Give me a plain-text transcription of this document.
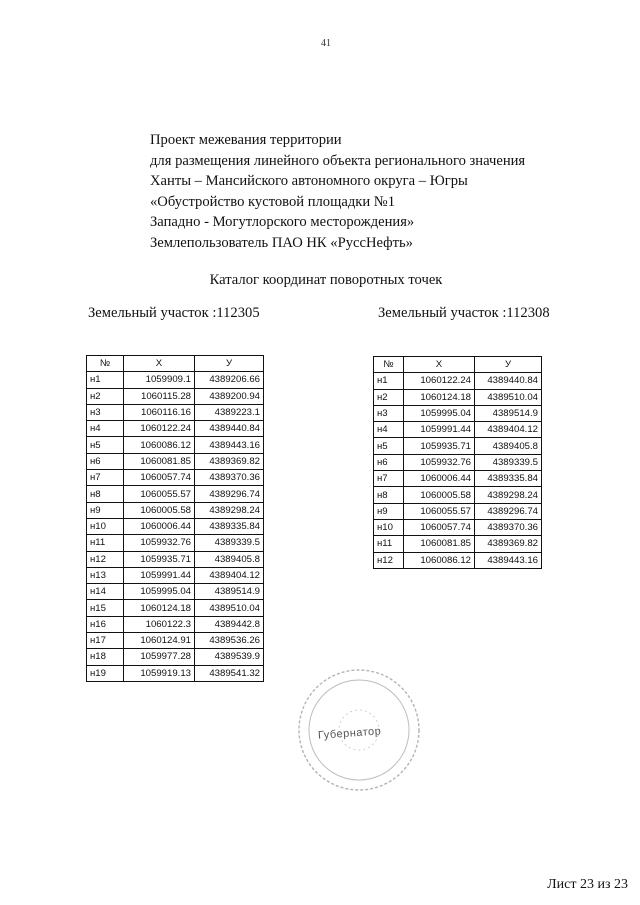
41
Проект межевания территории
для размещения линейного объекта регионального значения
Ханты – Мансийского автономного округа – Югры
«Обустройство кустовой площадки №1
Западно - Могутлорского месторождения»
Землепользователь ПАО НК «РуссНефть»
Каталог координат поворотных точек
Земельный участок :112305	Земельный участок :112308
№	X	У
н1	1059909.1	4389206.66
н2	1060115.28	4389200.94
н3	1060116.16	4389223.1
н4	1060122.24	4389440.84
н5	1060086.12	4389443.16
н6	1060081.85	4389369.82
н7	1060057.74	4389370.36
н8	1060055.57	4389296.74
н9	1060005.58	4389298.24
н10	1060006.44	4389335.84
н11	1059932.76	4389339.5
н12	1059935.71	4389405.8
н13	1059991.44	4389404.12
н14	1059995.04	4389514.9
н15	1060124.18	4389510.04
н16	1060122.3	4389442.8
н17	1060124.91	4389536.26
н18	1059977.28	4389539.9
н19	1059919.13	4389541.32
№	X	У
н1	1060122.24	4389440.84
н2	1060124.18	4389510.04
н3	1059995.04	4389514.9
н4	1059991.44	4389404.12
н5	1059935.71	4389405.8
н6	1059932.76	4389339.5
н7	1060006.44	4389335.84
н8	1060005.58	4389298.24
н9	1060055.57	4389296.74
н10	1060057.74	4389370.36
н11	1060081.85	4389369.82
н12	1060086.12	4389443.16
Губернатор
Лист 23 из 23
